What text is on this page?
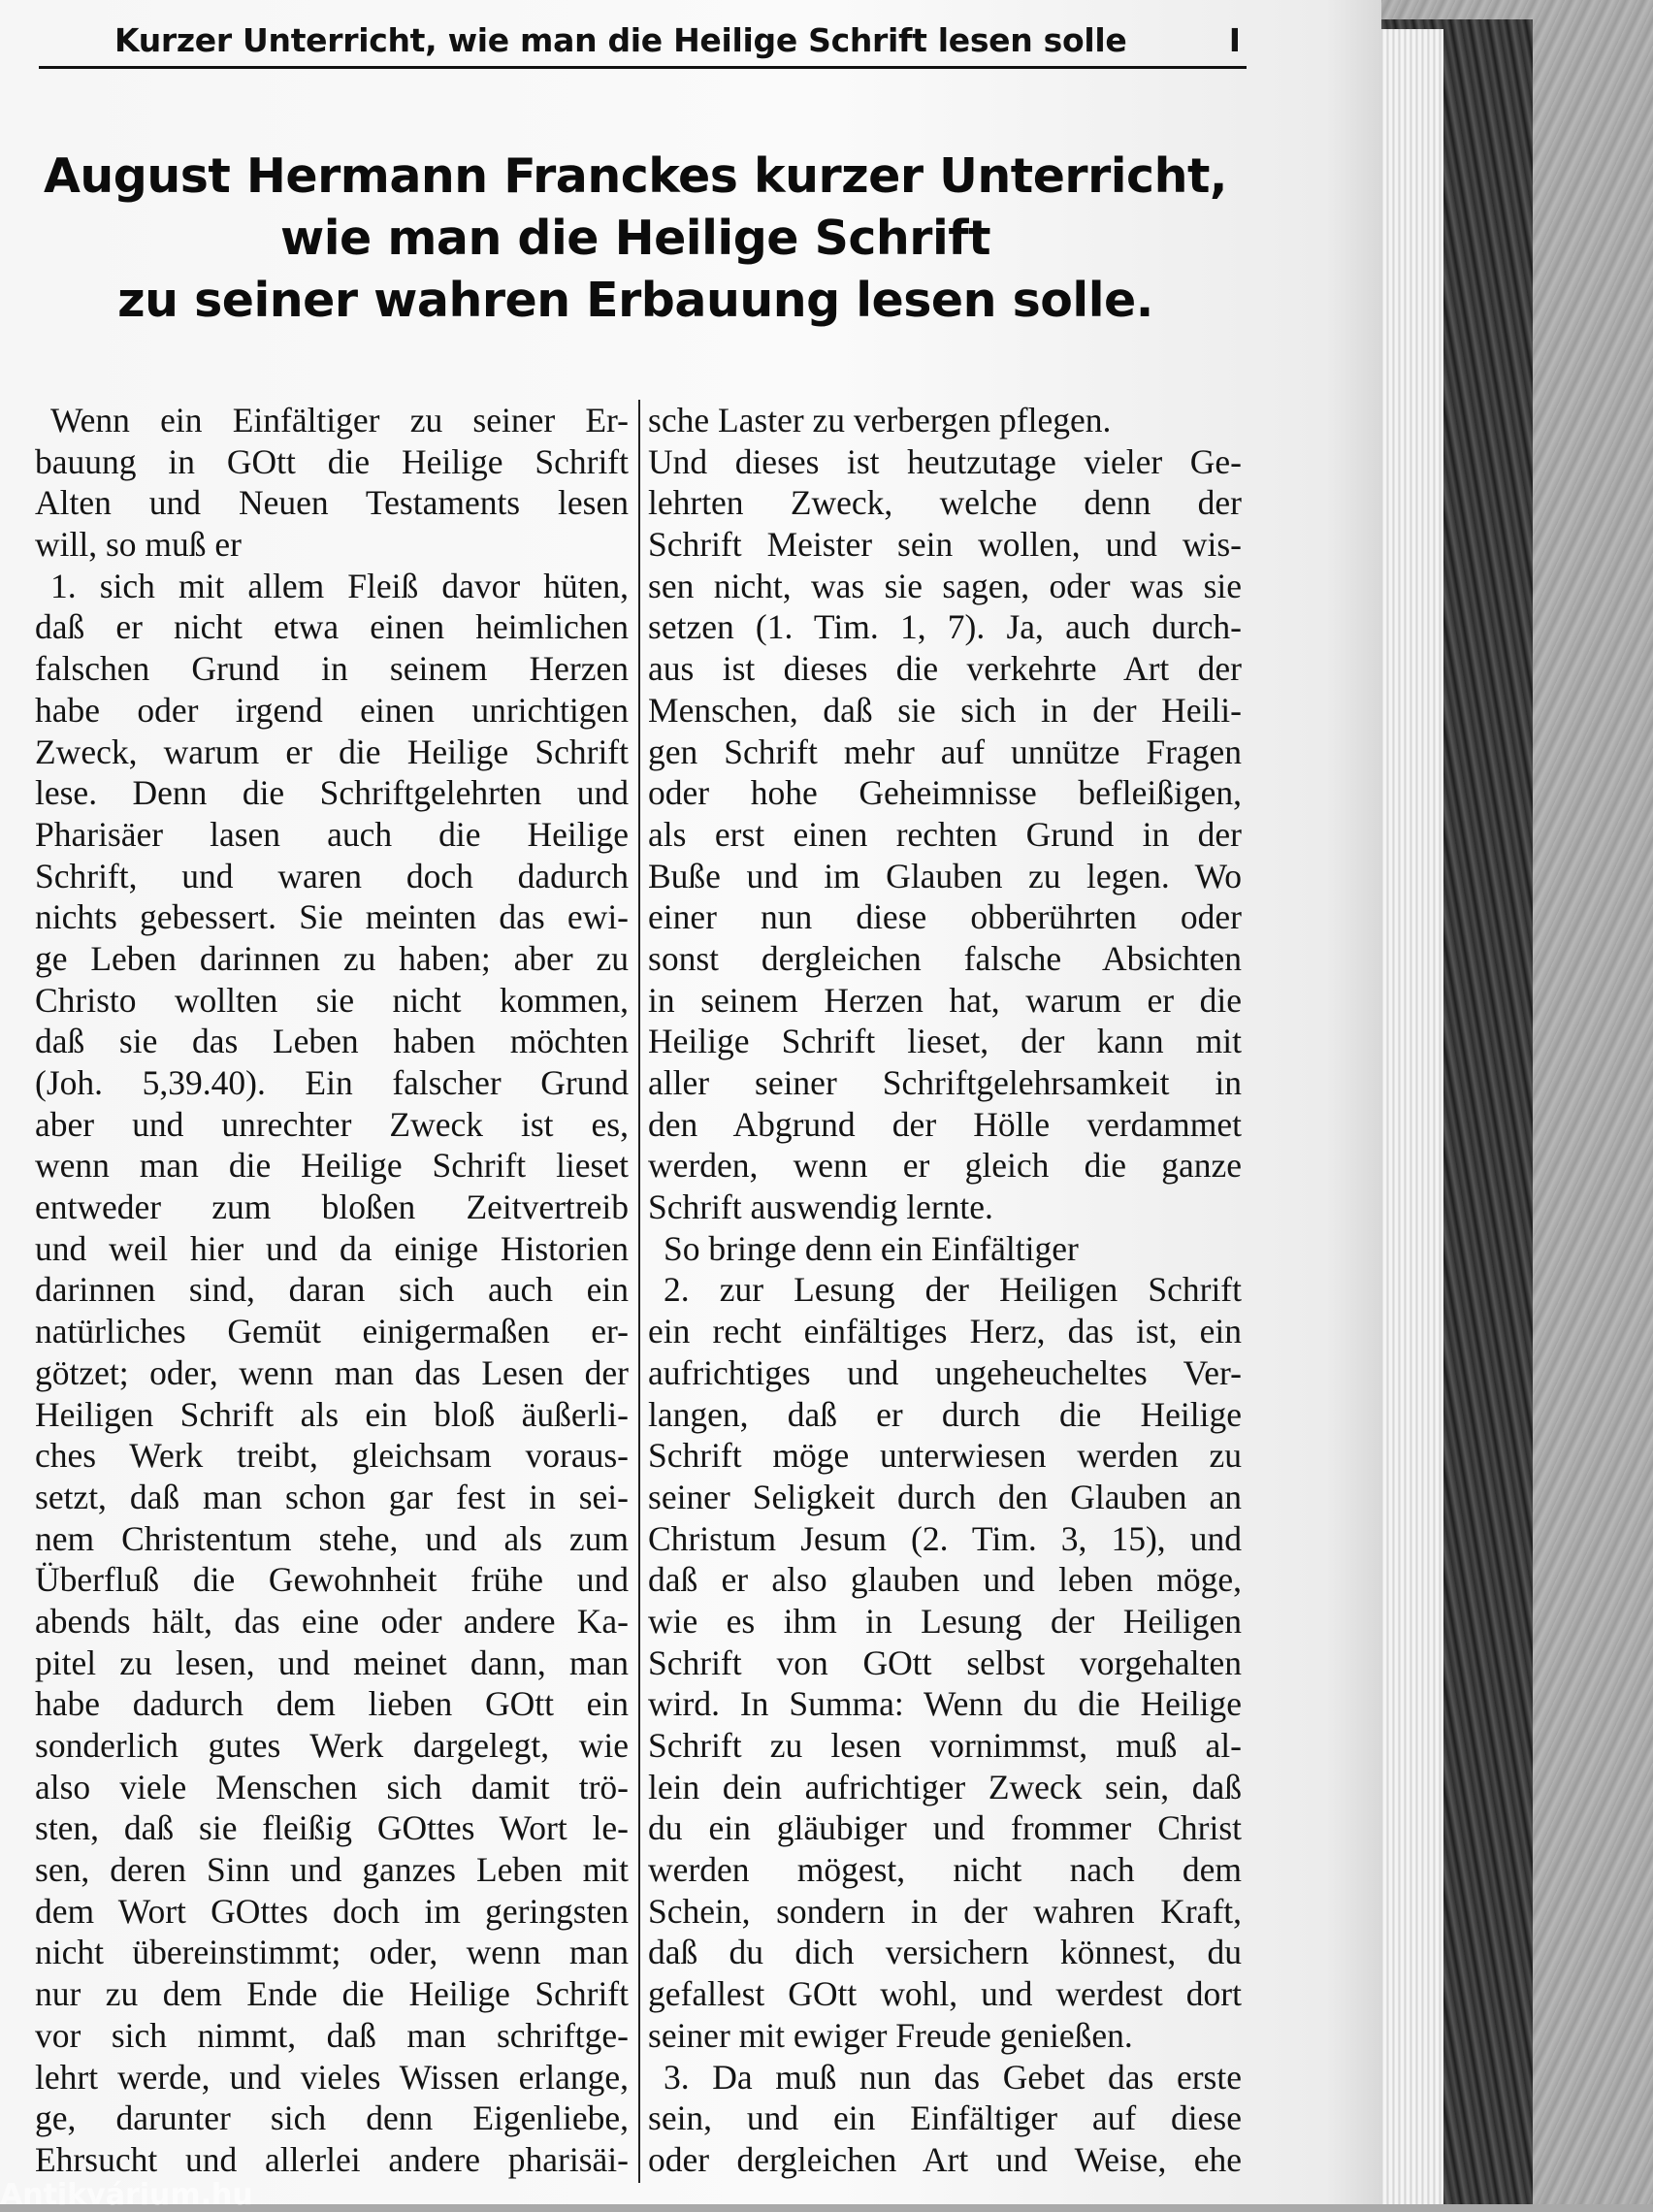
Kurzer Unterricht, wie man die Heilige Schrift lesen solle	I
August Hermann Franckes kurzer Unterricht,
wie man die Heilige Schrift
zu seiner wahren Erbauung lesen solle.
Wenn ein Einfältiger zu seiner Er-
bauung in GOtt die Heilige Schrift
Alten und Neuen Testaments lesen
will, so muß er
1. sich mit allem Fleiß davor hüten,
daß er nicht etwa einen heimlichen
falschen Grund in seinem Herzen
habe oder irgend einen unrichtigen
Zweck, warum er die Heilige Schrift
lese. Denn die Schriftgelehrten und
Pharisäer lasen auch die Heilige
Schrift, und waren doch dadurch
nichts gebessert. Sie meinten das ewi-
ge Leben darinnen zu haben; aber zu
Christo wollten sie nicht kommen,
daß sie das Leben haben möchten
(Joh. 5,39.40). Ein falscher Grund
aber und unrechter Zweck ist es,
wenn man die Heilige Schrift lieset
entweder zum bloßen Zeitvertreib
und weil hier und da einige Historien
darinnen sind, daran sich auch ein
natürliches Gemüt einigermaßen er-
götzet; oder, wenn man das Lesen der
Heiligen Schrift als ein bloß äußerli-
ches Werk treibt, gleichsam voraus-
setzt, daß man schon gar fest in sei-
nem Christentum stehe, und als zum
Überfluß die Gewohnheit frühe und
abends hält, das eine oder andere Ka-
pitel zu lesen, und meinet dann, man
habe dadurch dem lieben GOtt ein
sonderlich gutes Werk dargelegt, wie
also viele Menschen sich damit trö-
sten, daß sie fleißig GOttes Wort le-
sen, deren Sinn und ganzes Leben mit
dem Wort GOttes doch im geringsten
nicht übereinstimmt; oder, wenn man
nur zu dem Ende die Heilige Schrift
vor sich nimmt, daß man schriftge-
lehrt werde, und vieles Wissen erlange,
ge, darunter sich denn Eigenliebe,
Ehrsucht und allerlei andere pharisäi-
sche Laster zu verbergen pflegen.
Und dieses ist heutzutage vieler Ge-
lehrten Zweck, welche denn der
Schrift Meister sein wollen, und wis-
sen nicht, was sie sagen, oder was sie
setzen (1. Tim. 1, 7). Ja, auch durch-
aus ist dieses die verkehrte Art der
Menschen, daß sie sich in der Heili-
gen Schrift mehr auf unnütze Fragen
oder hohe Geheimnisse befleißigen,
als erst einen rechten Grund in der
Buße und im Glauben zu legen. Wo
einer nun diese obberührten oder
sonst dergleichen falsche Absichten
in seinem Herzen hat, warum er die
Heilige Schrift lieset, der kann mit
aller seiner Schriftgelehrsamkeit in
den Abgrund der Hölle verdammet
werden, wenn er gleich die ganze
Schrift auswendig lernte.
So bringe denn ein Einfältiger
2. zur Lesung der Heiligen Schrift
ein recht einfältiges Herz, das ist, ein
aufrichtiges und ungeheucheltes Ver-
langen, daß er durch die Heilige
Schrift möge unterwiesen werden zu
seiner Seligkeit durch den Glauben an
Christum Jesum (2. Tim. 3, 15), und
daß er also glauben und leben möge,
wie es ihm in Lesung der Heiligen
Schrift von GOtt selbst vorgehalten
wird. In Summa: Wenn du die Heilige
Schrift zu lesen vornimmst, muß al-
lein dein aufrichtiger Zweck sein, daß
du ein gläubiger und frommer Christ
werden mögest, nicht nach dem
Schein, sondern in der wahren Kraft,
daß du dich versichern könnest, du
gefallest GOtt wohl, und werdest dort
seiner mit ewiger Freude genießen.
3. Da muß nun das Gebet das erste
sein, und ein Einfältiger auf diese
oder dergleichen Art und Weise, ehe
Antikvárium.hu
